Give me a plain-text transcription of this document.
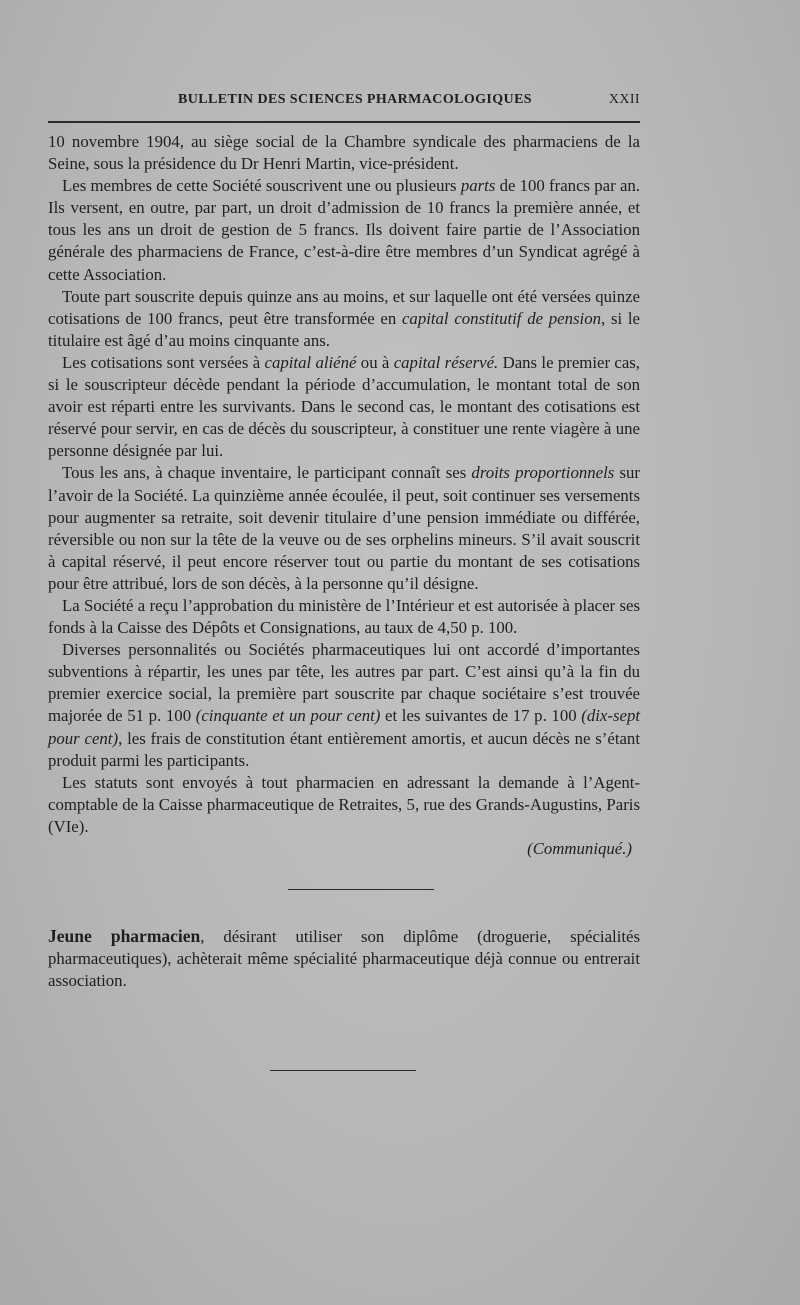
BULLETIN DES SCIENCES PHARMACOLOGIQUES	XXII

10 novembre 1904, au siège social de la Chambre syndicale des pharmaciens de la Seine, sous la présidence du Dr Henri Martin, vice-président.

Les membres de cette Société souscrivent une ou plusieurs parts de 100 francs par an. Ils versent, en outre, par part, un droit d’admission de 10 francs la première année, et tous les ans un droit de gestion de 5 francs. Ils doivent faire partie de l’Association générale des pharmaciens de France, c’est-à-dire être membres d’un Syndicat agrégé à cette Association.

Toute part souscrite depuis quinze ans au moins, et sur laquelle ont été versées quinze cotisations de 100 francs, peut être transformée en capital constitutif de pension, si le titulaire est âgé d’au moins cinquante ans.

Les cotisations sont versées à capital aliéné ou à capital réservé. Dans le premier cas, si le souscripteur décède pendant la période d’accumulation, le montant total de son avoir est réparti entre les survivants. Dans le second cas, le montant des cotisations est réservé pour servir, en cas de décès du souscripteur, à constituer une rente viagère à une personne désignée par lui.

Tous les ans, à chaque inventaire, le participant connaît ses droits proportionnels sur l’avoir de la Société. La quinzième année écoulée, il peut, soit continuer ses versements pour augmenter sa retraite, soit devenir titulaire d’une pension immédiate ou différée, réversible ou non sur la tête de la veuve ou de ses orphelins mineurs. S’il avait souscrit à capital réservé, il peut encore réserver tout ou partie du montant de ses cotisations pour être attribué, lors de son décès, à la personne qu’il désigne.

La Société a reçu l’approbation du ministère de l’Intérieur et est autorisée à placer ses fonds à la Caisse des Dépôts et Consignations, au taux de 4,50 p. 100.

Diverses personnalités ou Sociétés pharmaceutiques lui ont accordé d’importantes subventions à répartir, les unes par tête, les autres par part. C’est ainsi qu’à la fin du premier exercice social, la première part souscrite par chaque sociétaire s’est trouvée majorée de 51 p. 100 (cinquante et un pour cent) et les suivantes de 17 p. 100 (dix-sept pour cent), les frais de constitution étant entièrement amortis, et aucun décès ne s’étant produit parmi les participants.

Les statuts sont envoyés à tout pharmacien en adressant la demande à l’Agent-comptable de la Caisse pharmaceutique de Retraites, 5, rue des Grands-Augustins, Paris (VIe).

(Communiqué.)
Jeune pharmacien, désirant utiliser son diplôme (droguerie, spécialités pharmaceutiques), achèterait même spécialité pharmaceutique déjà connue ou entrerait association.
